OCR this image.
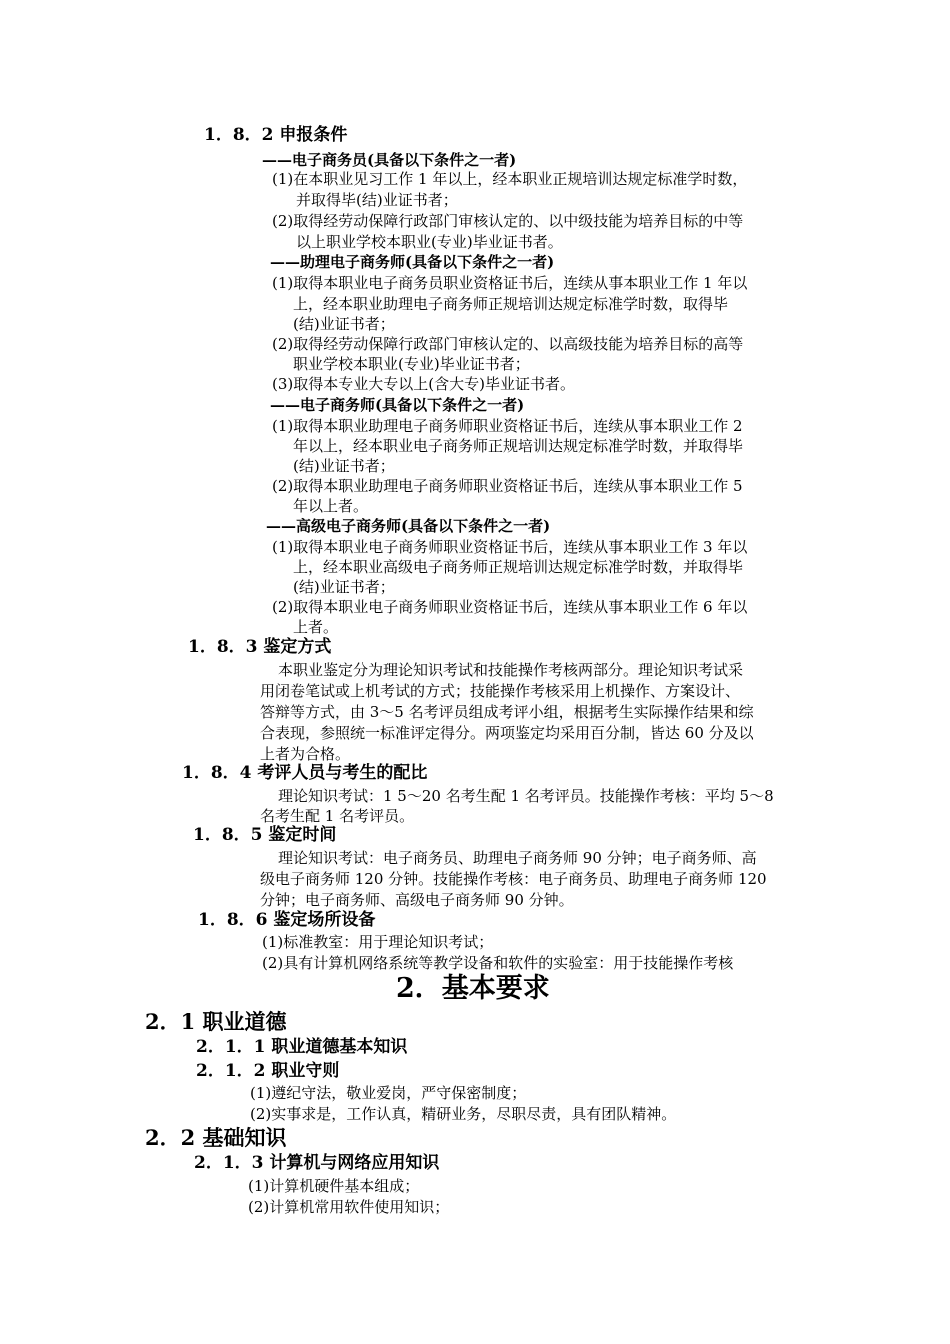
1．8．2 申报条件
——电子商务员(具备以下条件之一者)
(1)在本职业见习工作 1 年以上，经本职业正规培训达规定标准学时数，
并取得毕(结)业证书者；
(2)取得经劳动保障行政部门审核认定的、以中级技能为培养目标的中等
以上职业学校本职业(专业)毕业证书者。
——助理电子商务师(具备以下条件之一者)
(1)取得本职业电子商务员职业资格证书后，连续从事本职业工作 1 年以
上，经本职业助理电子商务师正规培训达规定标准学时数，取得毕
(结)业证书者；
(2)取得经劳动保障行政部门审核认定的、以高级技能为培养目标的高等
职业学校本职业(专业)毕业证书者；
(3)取得本专业大专以上(含大专)毕业证书者。
——电子商务师(具备以下条件之一者)
(1)取得本职业助理电子商务师职业资格证书后，连续从事本职业工作 2
年以上，经本职业电子商务师正规培训达规定标准学时数，并取得毕
(结)业证书者；
(2)取得本职业助理电子商务师职业资格证书后，连续从事本职业工作 5
年以上者。
——高级电子商务师(具备以下条件之一者)
(1)取得本职业电子商务师职业资格证书后，连续从事本职业工作 3 年以
上，经本职业高级电子商务师正规培训达规定标准学时数，并取得毕
(结)业证书者；
(2)取得本职业电子商务师职业资格证书后，连续从事本职业工作 6 年以
上者。
1．8．3 鉴定方式
本职业鉴定分为理论知识考试和技能操作考核两部分。理论知识考试采
用闭卷笔试或上机考试的方式；技能操作考核采用上机操作、方案设计、
答辩等方式，由 3～5 名考评员组成考评小组，根据考生实际操作结果和综
合表现，参照统一标准评定得分。两项鉴定均采用百分制，皆达 60 分及以
上者为合格。
1．8．4 考评人员与考生的配比
理论知识考试：1 5～20 名考生配 1 名考评员。技能操作考核：平均 5～8
名考生配 1 名考评员。
1．8．5 鉴定时间
理论知识考试：电子商务员、助理电子商务师 90 分钟；电子商务师、高
级电子商务师 120 分钟。技能操作考核：电子商务员、助理电子商务师 120
分钟；电子商务师、高级电子商务师 90 分钟。
1．8．6 鉴定场所设备
(1)标准教室：用于理论知识考试；
(2)具有计算机网络系统等教学设备和软件的实验室：用于技能操作考核
2．基本要求
2．1 职业道德
2．1．1 职业道德基本知识
2．1．2 职业守则
(1)遵纪守法，敬业爱岗，严守保密制度；
(2)实事求是，工作认真，精研业务，尽职尽责，具有团队精神。
2．2 基础知识
2．1．3 计算机与网络应用知识
(1)计算机硬件基本组成；
(2)计算机常用软件使用知识；
